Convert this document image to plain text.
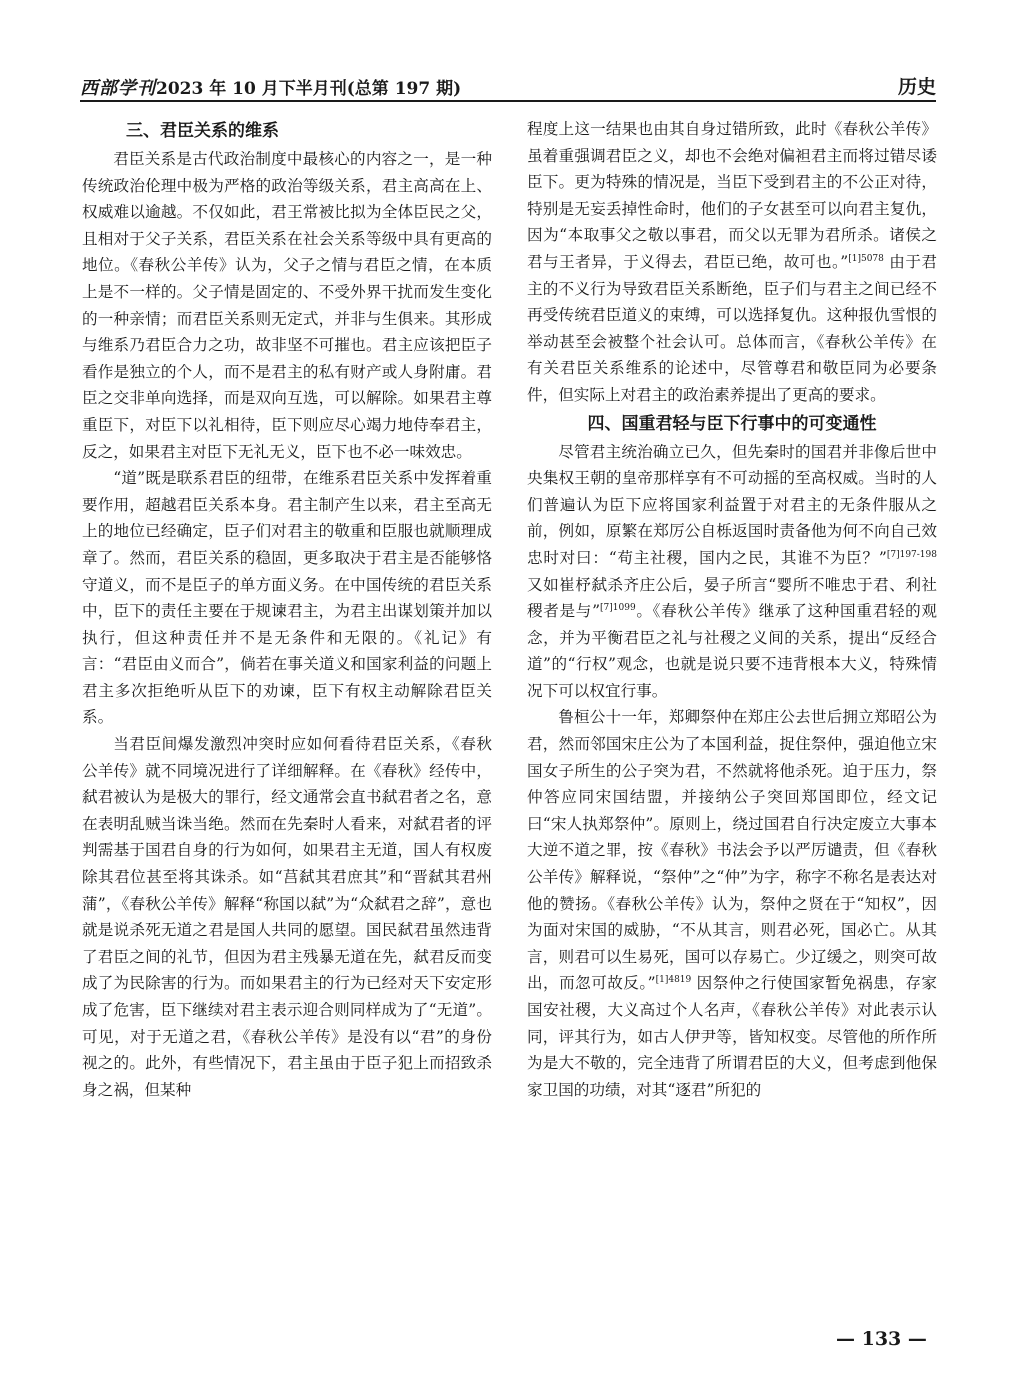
西部学刊2023 年 10 月下半月刊(总第 197 期)	历史
三、君臣关系的维系

君臣关系是古代政治制度中最核心的内容之一，是一种传统政治伦理中极为严格的政治等级关系，君主高高在上、权威难以逾越。不仅如此，君王常被比拟为全体臣民之父，且相对于父子关系，君臣关系在社会关系等级中具有更高的地位。《春秋公羊传》认为，父子之情与君臣之情，在本质上是不一样的。父子情是固定的、不受外界干扰而发生变化的一种亲情；而君臣关系则无定式，并非与生俱来。其形成与维系乃君臣合力之功，故非坚不可摧也。君主应该把臣子看作是独立的个人，而不是君主的私有财产或人身附庸。君臣之交非单向选择，而是双向互选，可以解除。如果君主尊重臣下，对臣下以礼相待，臣下则应尽心竭力地侍奉君主，反之，如果君主对臣下无礼无义，臣下也不必一味效忠。

“道”既是联系君臣的纽带，在维系君臣关系中发挥着重要作用，超越君臣关系本身。君主制产生以来，君主至高无上的地位已经确定，臣子们对君主的敬重和臣服也就顺理成章了。然而，君臣关系的稳固，更多取决于君主是否能够恪守道义，而不是臣子的单方面义务。在中国传统的君臣关系中，臣下的责任主要在于规谏君主，为君主出谋划策并加以执行，但这种责任并不是无条件和无限的。《礼记》有言：“君臣由义而合”，倘若在事关道义和国家利益的问题上君主多次拒绝听从臣下的劝谏，臣下有权主动解除君臣关系。

当君臣间爆发激烈冲突时应如何看待君臣关系，《春秋公羊传》就不同境况进行了详细解释。在《春秋》经传中，弑君被认为是极大的罪行，经文通常会直书弑君者之名，意在表明乱贼当诛当绝。然而在先秦时人看来，对弑君者的评判需基于国君自身的行为如何，如果君主无道，国人有权废除其君位甚至将其诛杀。如“莒弑其君庶其”和“晋弑其君州蒲”，《春秋公羊传》解释“称国以弑”为“众弑君之辞”，意也就是说杀死无道之君是国人共同的愿望。国民弑君虽然违背了君臣之间的礼节，但因为君主残暴无道在先，弑君反而变成了为民除害的行为。而如果君主的行为已经对天下安定形成了危害，臣下继续对君主表示迎合则同样成为了“无道”。可见，对于无道之君，《春秋公羊传》是没有以“君”的身份视之的。此外，有些情况下，君主虽由于臣子犯上而招致杀身之祸，但某种

程度上这一结果也由其自身过错所致，此时《春秋公羊传》虽着重强调君臣之义，却也不会绝对偏袒君主而将过错尽诿臣下。更为特殊的情况是，当臣下受到君主的不公正对待，特别是无妄丢掉性命时，他们的子女甚至可以向君主复仇，因为“本取事父之敬以事君，而父以无罪为君所杀。诸侯之君与王者异，于义得去，君臣已绝，故可也。”$^{[1]5078}$ 由于君主的不义行为导致君臣关系断绝，臣子们与君主之间已经不再受传统君臣道义的束缚，可以选择复仇。这种报仇雪恨的举动甚至会被整个社会认可。总体而言，《春秋公羊传》在有关君臣关系维系的论述中，尽管尊君和敬臣同为必要条件，但实际上对君主的政治素养提出了更高的要求。

四、国重君轻与臣下行事中的可变通性

尽管君主统治确立已久，但先秦时的国君并非像后世中央集权王朝的皇帝那样享有不可动摇的至高权威。当时的人们普遍认为臣下应将国家利益置于对君主的无条件服从之前，例如，原繁在郑厉公自栎返国时责备他为何不向自己效忠时对曰：“苟主社稷，国内之民，其谁不为臣？”$^{[7]197-198}$ 又如崔杼弑杀齐庄公后，晏子所言“婴所不唯忠于君、利社稷者是与”$^{[7]1099}$。《春秋公羊传》继承了这种国重君轻的观念，并为平衡君臣之礼与社稷之义间的关系，提出“反经合道”的“行权”观念，也就是说只要不违背根本大义，特殊情况下可以权宜行事。

鲁桓公十一年，郑卿祭仲在郑庄公去世后拥立郑昭公为君，然而邻国宋庄公为了本国利益，捉住祭仲，强迫他立宋国女子所生的公子突为君，不然就将他杀死。迫于压力，祭仲答应同宋国结盟，并接纳公子突回郑国即位，经文记曰“宋人执郑祭仲”。原则上，绕过国君自行决定废立大事本大逆不道之罪，按《春秋》书法会予以严厉谴责，但《春秋公羊传》解释说，“祭仲”之“仲”为字，称字不称名是表达对他的赞扬。《春秋公羊传》认为，祭仲之贤在于“知权”，因为面对宋国的威胁，“不从其言，则君必死，国必亡。从其言，则君可以生易死，国可以存易亡。少辽缓之，则突可故出，而忽可故反。”$^{[1]4819}$ 因祭仲之行使国家暂免祸患，存家国安社稷，大义高过个人名声，《春秋公羊传》对此表示认同，评其行为，如古人伊尹等，皆知权变。尽管他的所作所为是大不敬的，完全违背了所谓君臣的大义，但考虑到他保家卫国的功绩，对其“逐君”所犯的

— 133 —
